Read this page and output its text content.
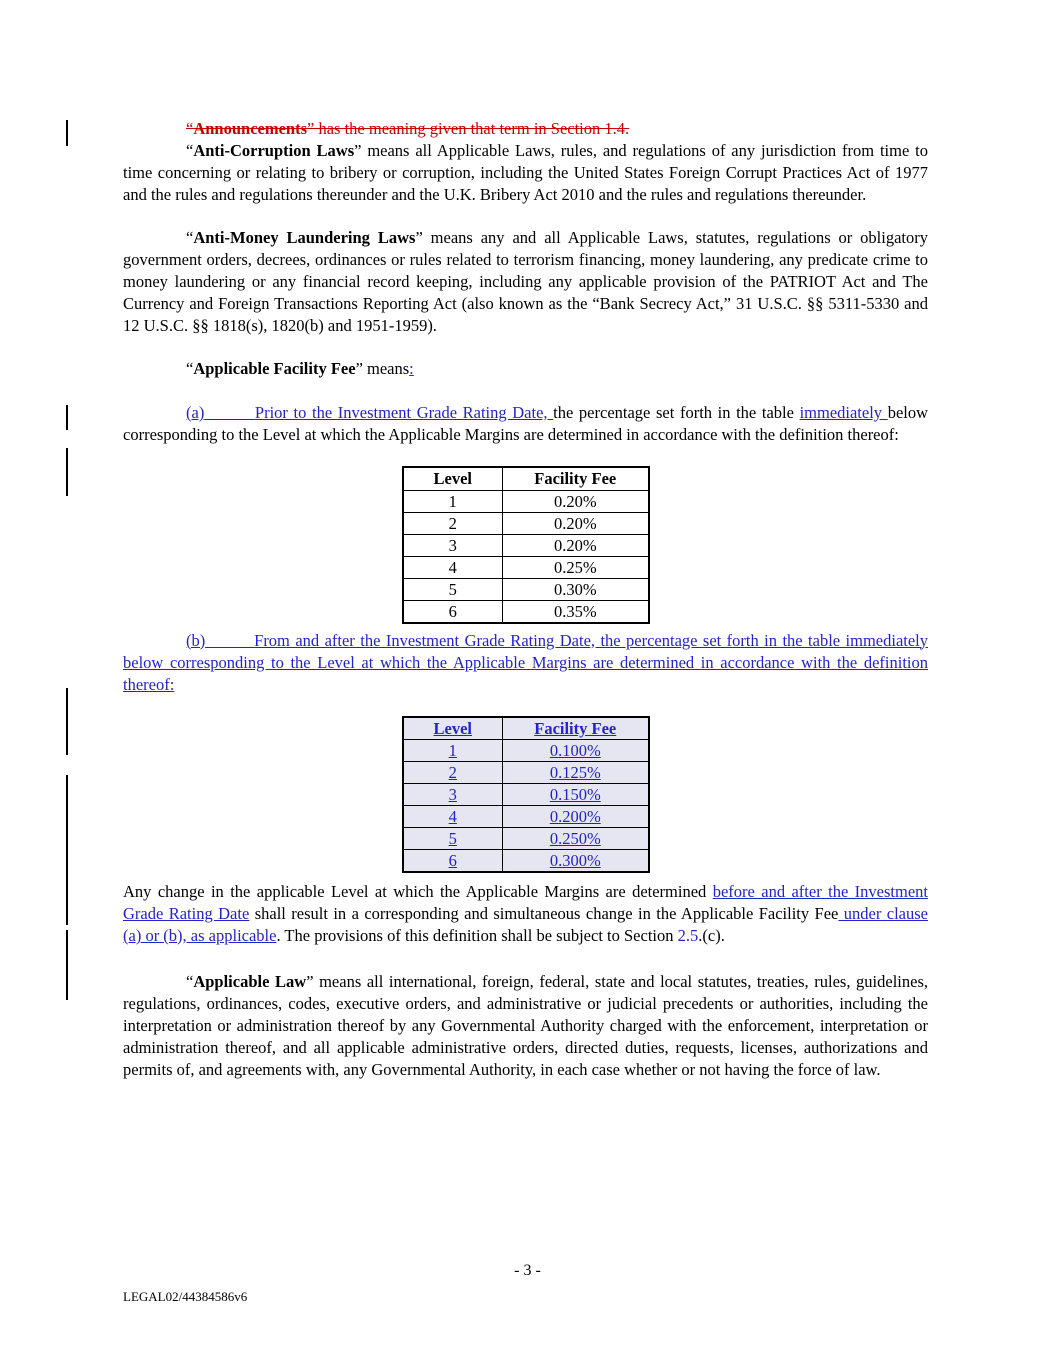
“Announcements” has the meaning given that term in Section 1.4.

“Anti-Corruption Laws” means all Applicable Laws, rules, and regulations of any jurisdiction from time to time concerning or relating to bribery or corruption, including the United States Foreign Corrupt Practices Act of 1977 and the rules and regulations thereunder and the U.K. Bribery Act 2010 and the rules and regulations thereunder.

“Anti-Money Laundering Laws” means any and all Applicable Laws, statutes, regulations or obligatory government orders, decrees, ordinances or rules related to terrorism financing, money laundering, any predicate crime to money laundering or any financial record keeping, including any applicable provision of the PATRIOT Act and The Currency and Foreign Transactions Reporting Act (also known as the “Bank Secrecy Act,” 31 U.S.C. §§ 5311-5330 and 12 U.S.C. §§ 1818(s), 1820(b) and 1951-1959).

“Applicable Facility Fee” means:

(a)	Prior to the Investment Grade Rating Date, the percentage set forth in the table immediately below corresponding to the Level at which the Applicable Margins are determined in accordance with the definition thereof:

Level	Facility Fee
1	0.20%
2	0.20%
3	0.20%
4	0.25%
5	0.30%
6	0.35%

(b)	From and after the Investment Grade Rating Date, the percentage set forth in the table immediately below corresponding to the Level at which the Applicable Margins are determined in accordance with the definition thereof:

Level	Facility Fee
1	0.100%
2	0.125%
3	0.150%
4	0.200%
5	0.250%
6	0.300%

Any change in the applicable Level at which the Applicable Margins are determined before and after the Investment Grade Rating Date shall result in a corresponding and simultaneous change in the Applicable Facility Fee under clause (a) or (b), as applicable. The provisions of this definition shall be subject to Section 2.5.(c).

“Applicable Law” means all international, foreign, federal, state and local statutes, treaties, rules, guidelines, regulations, ordinances, codes, executive orders, and administrative or judicial precedents or authorities, including the interpretation or administration thereof by any Governmental Authority charged with the enforcement, interpretation or administration thereof, and all applicable administrative orders, directed duties, requests, licenses, authorizations and permits of, and agreements with, any Governmental Authority, in each case whether or not having the force of law.

- 3 -
LEGAL02/44384586v6
